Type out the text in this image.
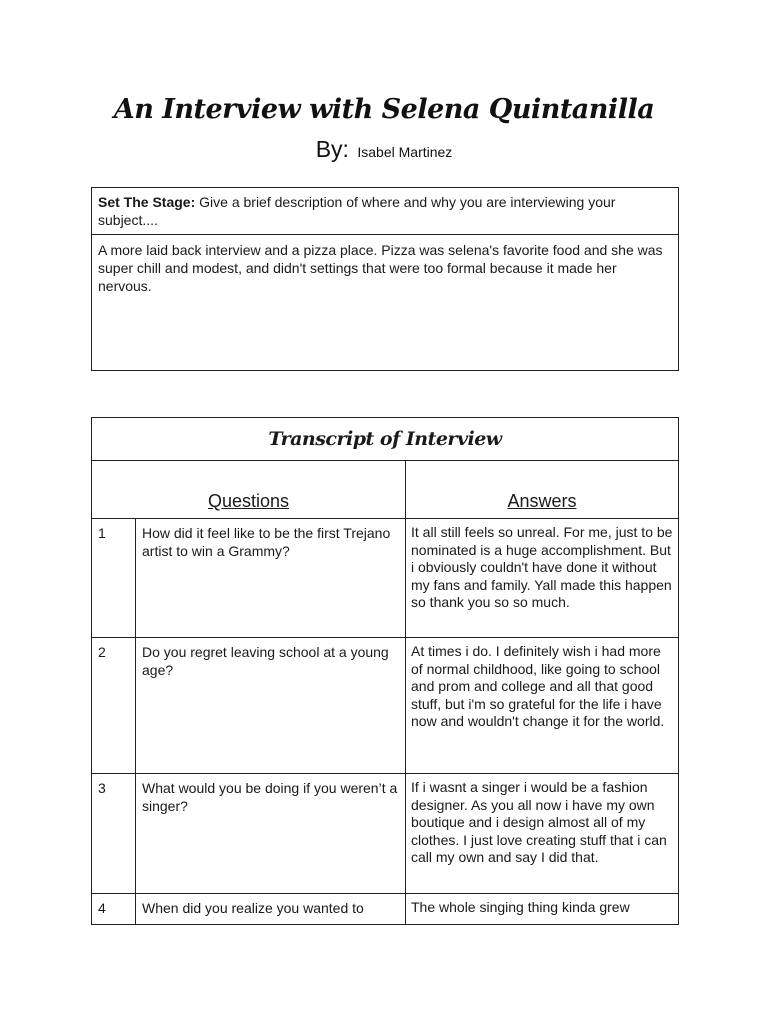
An Interview with Selena Quintanilla
By: Isabel Martinez
Set The Stage: Give a brief description of where and why you are interviewing your subject....
A more laid back interview and a pizza place. Pizza was selena's favorite food and she was super chill and modest, and didn't settings that were too formal because it made her nervous.
Transcript of Interview		
Questions		Answers
1	How did it feel like to be the first Trejano artist to win a Grammy?	It all still feels so unreal. For me, just to be nominated is a huge accomplishment. But i obviously couldn't have done it without my fans and family. Yall made this happen so thank you so so much.
2	Do you regret leaving school at a young age?	At times i do. I definitely wish i had more of normal childhood, like going to school and prom and college and all that good stuff, but i'm so grateful for the life i have now and wouldn't change it for the world.
3	What would you be doing if you weren’t a singer?	If i wasnt a singer i would be a fashion designer. As you all now i have my own boutique and i design almost all of my clothes. I just love creating stuff that i can call my own and say I did that.
4	When did you realize you wanted to	The whole singing thing kinda grew
